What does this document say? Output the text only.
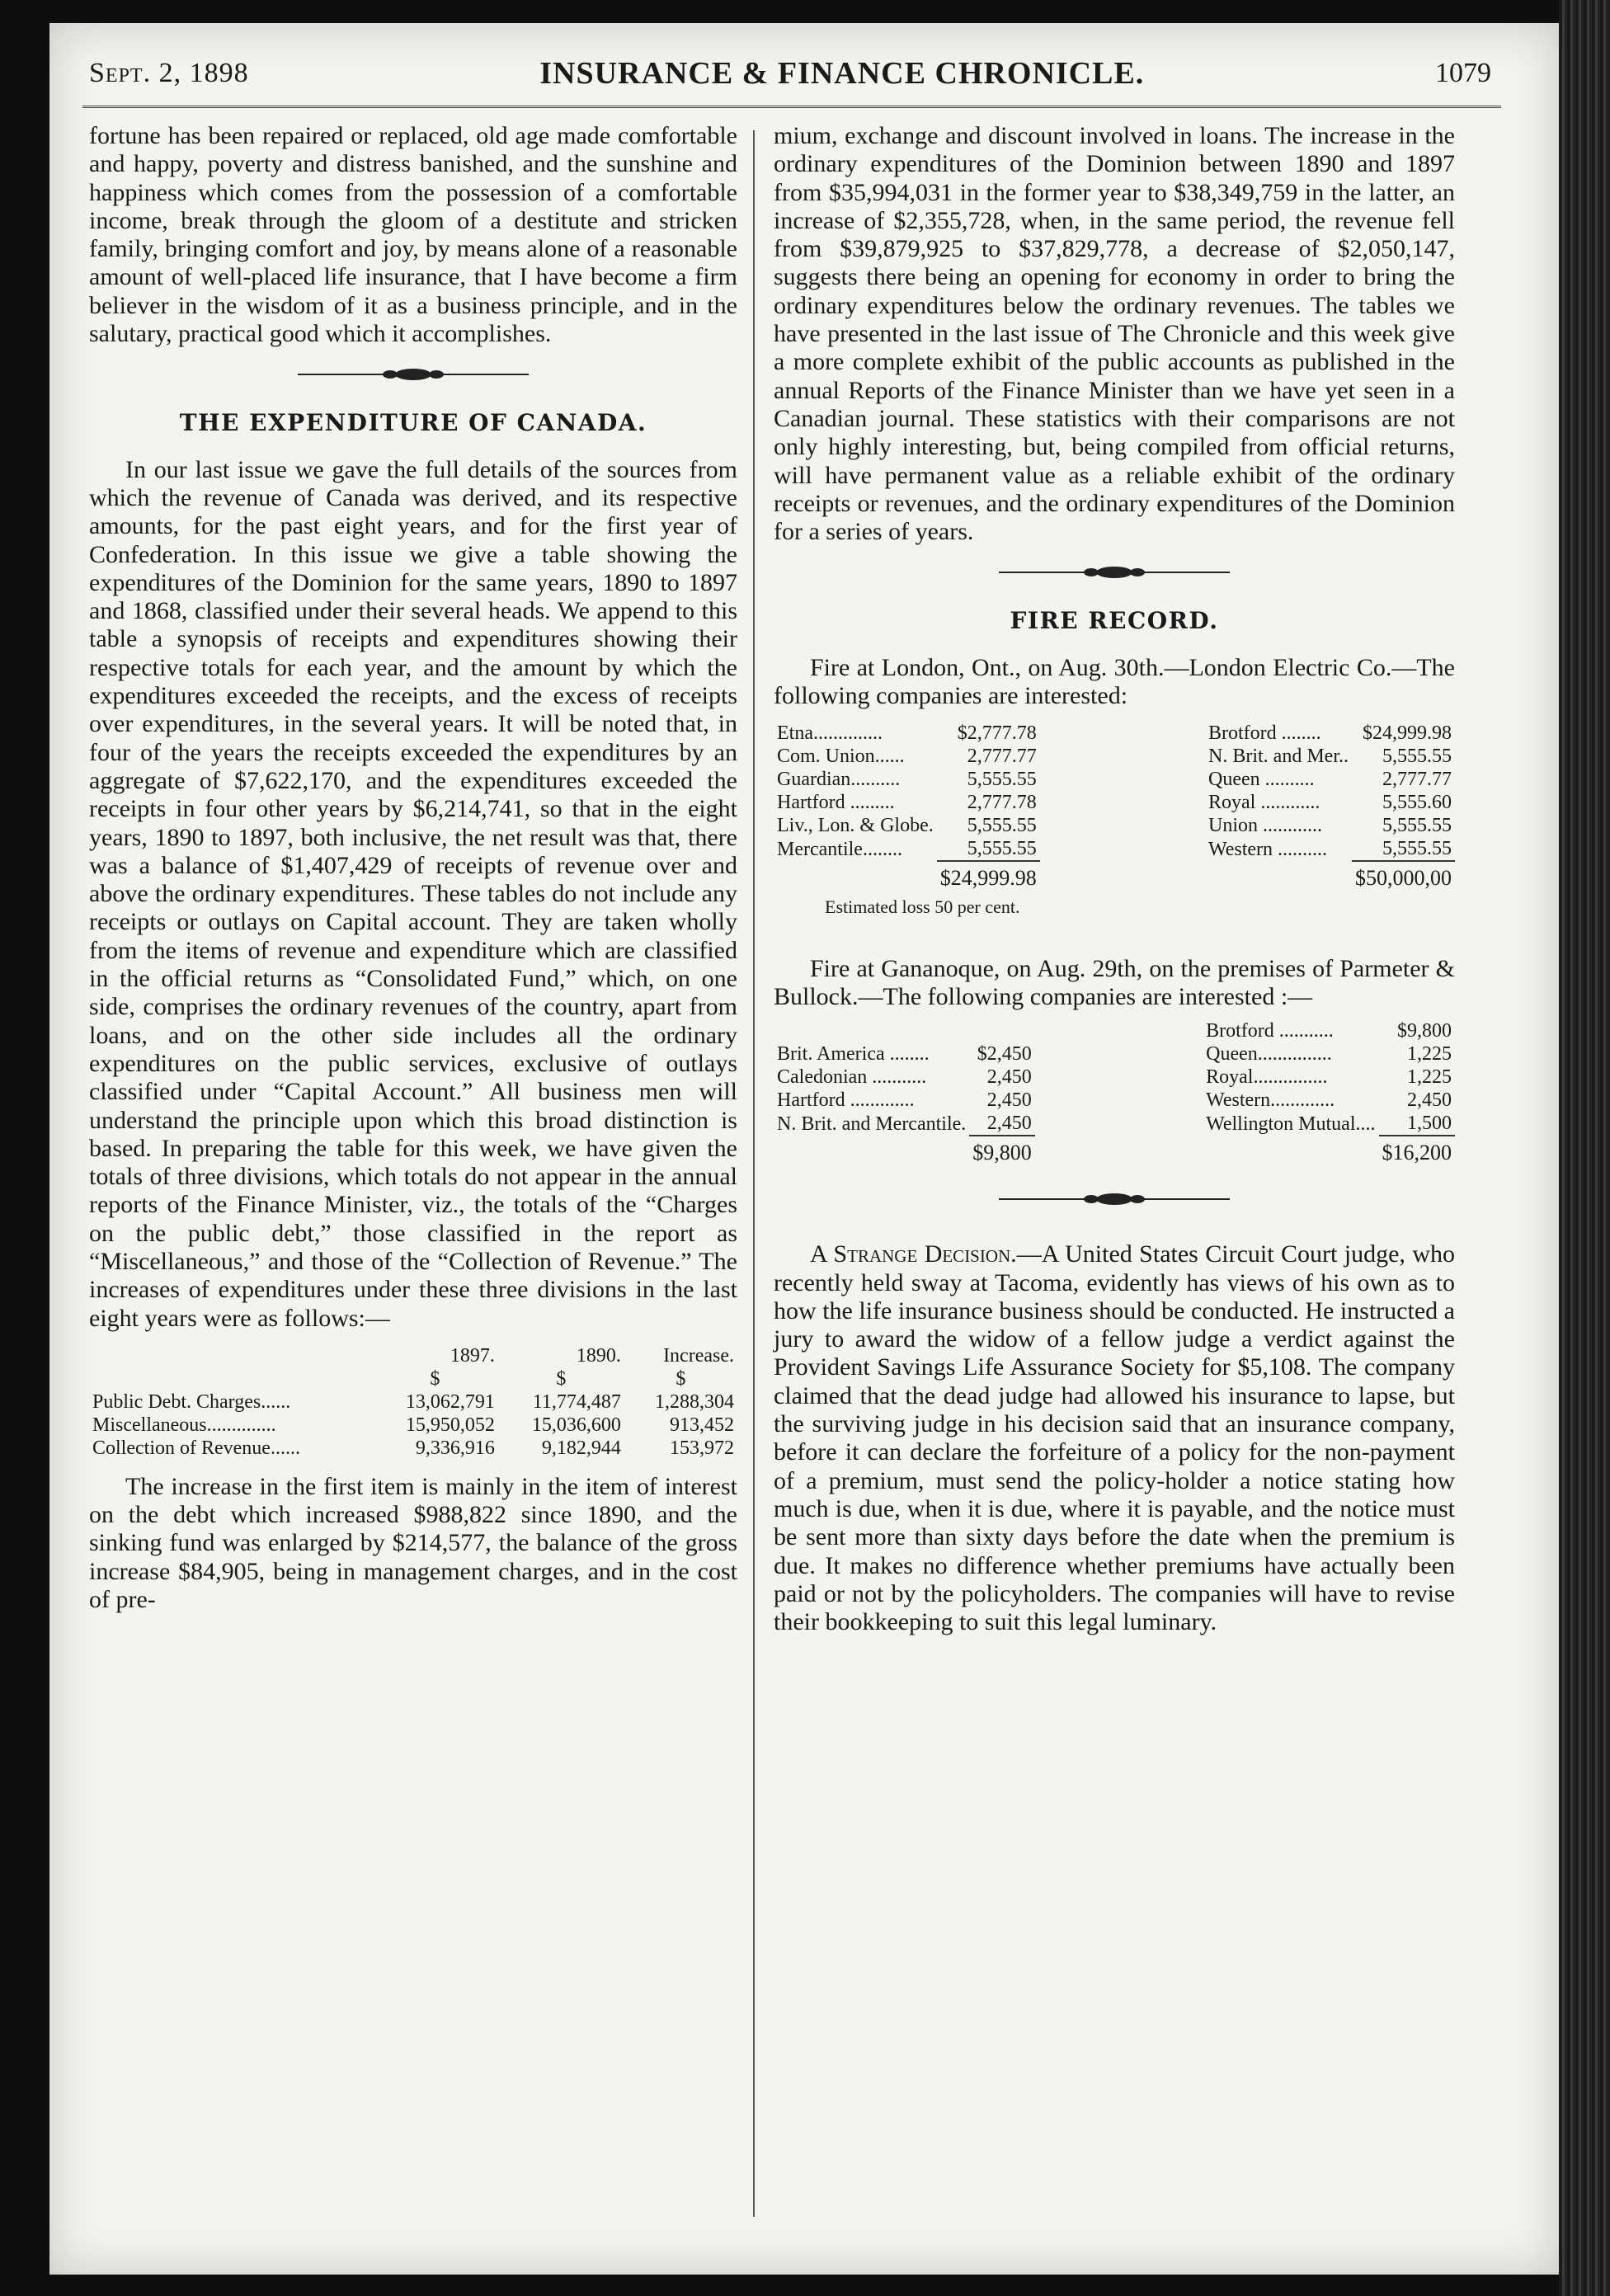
Sept. 2, 1898	INSURANCE & FINANCE CHRONICLE.	1079

fortune has been repaired or replaced, old age made comfortable and happy, poverty and distress banished, and the sunshine and happiness which comes from the possession of a comfortable income, break through the gloom of a destitute and stricken family, bringing comfort and joy, by means alone of a reasonable amount of well-placed life insurance, that I have become a firm believer in the wisdom of it as a business principle, and in the salutary, practical good which it accomplishes.

THE EXPENDITURE OF CANADA.

In our last issue we gave the full details of the sources from which the revenue of Canada was derived, and its respective amounts, for the past eight years, and for the first year of Confederation. In this issue we give a table showing the expenditures of the Dominion for the same years, 1890 to 1897 and 1868, classified under their several heads. We append to this table a synopsis of receipts and expenditures showing their respective totals for each year, and the amount by which the expenditures exceeded the receipts, and the excess of receipts over expenditures, in the several years. It will be noted that, in four of the years the receipts exceeded the expenditures by an aggregate of $7,622,170, and the expenditures exceeded the receipts in four other years by $6,214,741, so that in the eight years, 1890 to 1897, both inclusive, the net result was that, there was a balance of $1,407,429 of receipts of revenue over and above the ordinary expenditures. These tables do not include any receipts or outlays on Capital account. They are taken wholly from the items of revenue and expenditure which are classified in the official returns as “Consolidated Fund,” which, on one side, comprises the ordinary revenues of the country, apart from loans, and on the other side includes all the ordinary expenditures on the public services, exclusive of outlays classified under “Capital Account.” All business men will understand the principle upon which this broad distinction is based. In preparing the table for this week, we have given the totals of three divisions, which totals do not appear in the annual reports of the Finance Minister, viz., the totals of the “Charges on the public debt,” those classified in the report as “Miscellaneous,” and those of the “Collection of Revenue.” The increases of expenditures under these three divisions in the last eight years were as follows:—

	1897.	1890.	Increase.
	$	$	$
Public Debt. Charges......	13,062,791	11,774,487	1,288,304
Miscellaneous..............	15,950,052	15,036,600	913,452
Collection of Revenue......	9,336,916	9,182,944	153,972

The increase in the first item is mainly in the item of interest on the debt which increased $988,822 since 1890, and the sinking fund was enlarged by $214,577, the balance of the gross increase $84,905, being in management charges, and in the cost of pre-

mium, exchange and discount involved in loans. The increase in the ordinary expenditures of the Dominion between 1890 and 1897 from $35,994,031 in the former year to $38,349,759 in the latter, an increase of $2,355,728, when, in the same period, the revenue fell from $39,879,925 to $37,829,778, a decrease of $2,050,147, suggests there being an opening for economy in order to bring the ordinary expenditures below the ordinary revenues. The tables we have presented in the last issue of The Chronicle and this week give a more complete exhibit of the public accounts as published in the annual Reports of the Finance Minister than we have yet seen in a Canadian journal. These statistics with their comparisons are not only highly interesting, but, being compiled from official returns, will have permanent value as a reliable exhibit of the ordinary receipts or revenues, and the ordinary expenditures of the Dominion for a series of years.

FIRE RECORD.

Fire at London, Ont., on Aug. 30th.—London Electric Co.—The following companies are interested:

Etna..............	$2,777.78
Com. Union......	2,777.77
Guardian..........	5,555.55
Hartford .........	2,777.78
Liv., Lon. & Globe.	5,555.55
Mercantile........	5,555.55
	$24,999.98
Brotford ........	$24,999.98
N. Brit. and Mer..	5,555.55
Queen ..........	2,777.77
Royal ............	5,555.60
Union ............	5,555.55
Western ..........	5,555.55
	$50,000,00
Estimated loss 50 per cent.

Fire at Gananoque, on Aug. 29th, on the premises of Parmeter & Bullock.—The following companies are interested :—

Brit. America ........	$2,450
Caledonian ...........	2,450
Hartford .............	2,450
N. Brit. and Mercantile.	2,450
	$9,800
Brotford ...........	$9,800
Queen...............	1,225
Royal...............	1,225
Western.............	2,450
Wellington Mutual....	1,500
	$16,200

A Strange Decision.—A United States Circuit Court judge, who recently held sway at Tacoma, evidently has views of his own as to how the life insurance business should be conducted. He instructed a jury to award the widow of a fellow judge a verdict against the Provident Savings Life Assurance Society for $5,108. The company claimed that the dead judge had allowed his insurance to lapse, but the surviving judge in his decision said that an insurance company, before it can declare the forfeiture of a policy for the non-payment of a premium, must send the policy-holder a notice stating how much is due, when it is due, where it is payable, and the notice must be sent more than sixty days before the date when the premium is due. It makes no difference whether premiums have actually been paid or not by the policyholders. The companies will have to revise their bookkeeping to suit this legal luminary.
